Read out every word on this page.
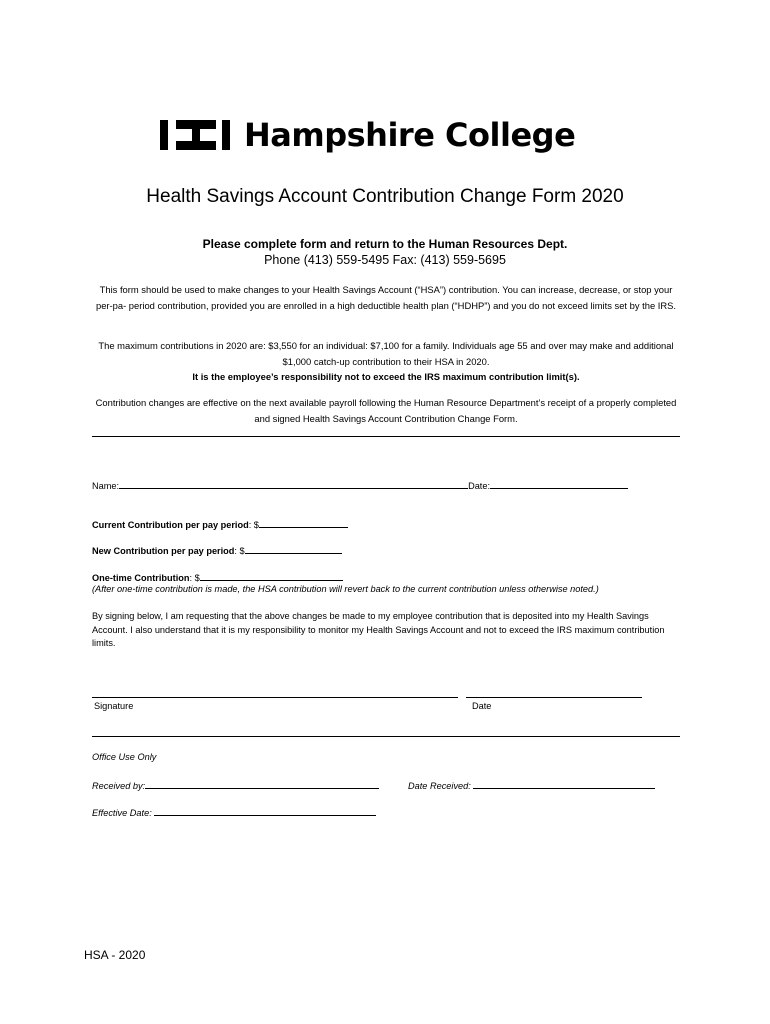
Hampshire College
Health Savings Account Contribution Change Form 2020
Please complete form and return to the Human Resources Dept.
Phone (413) 559-5495 Fax: (413) 559-5695
This form should be used to make changes to your Health Savings Account (“HSA”) contribution. You can increase, decrease, or stop your per-pa- period contribution, provided you are enrolled in a high deductible health plan (“HDHP”) and you do not exceed limits set by the IRS.
The maximum contributions in 2020 are: $3,550 for an individual: $7,100 for a family. Individuals age 55 and over may make and additional $1,000 catch-up contribution to their HSA in 2020.
It is the employee’s responsibility not to exceed the IRS maximum contribution limit(s).
Contribution changes are effective on the next available payroll following the Human Resource Department’s receipt of a properly completed and signed Health Savings Account Contribution Change Form.
Name:	Date:
Current Contribution per pay period: $
New Contribution per pay period: $
One-time Contribution: $
(After one-time contribution is made, the HSA contribution will revert back to the current contribution unless otherwise noted.)
By signing below, I am requesting that the above changes be made to my employee contribution that is deposited into my Health Savings Account. I also understand that it is my responsibility to monitor my Health Savings Account and not to exceed the IRS maximum contribution limits.
Signature	Date
Office Use Only
Received by:	Date Received:
Effective Date:
HSA - 2020
